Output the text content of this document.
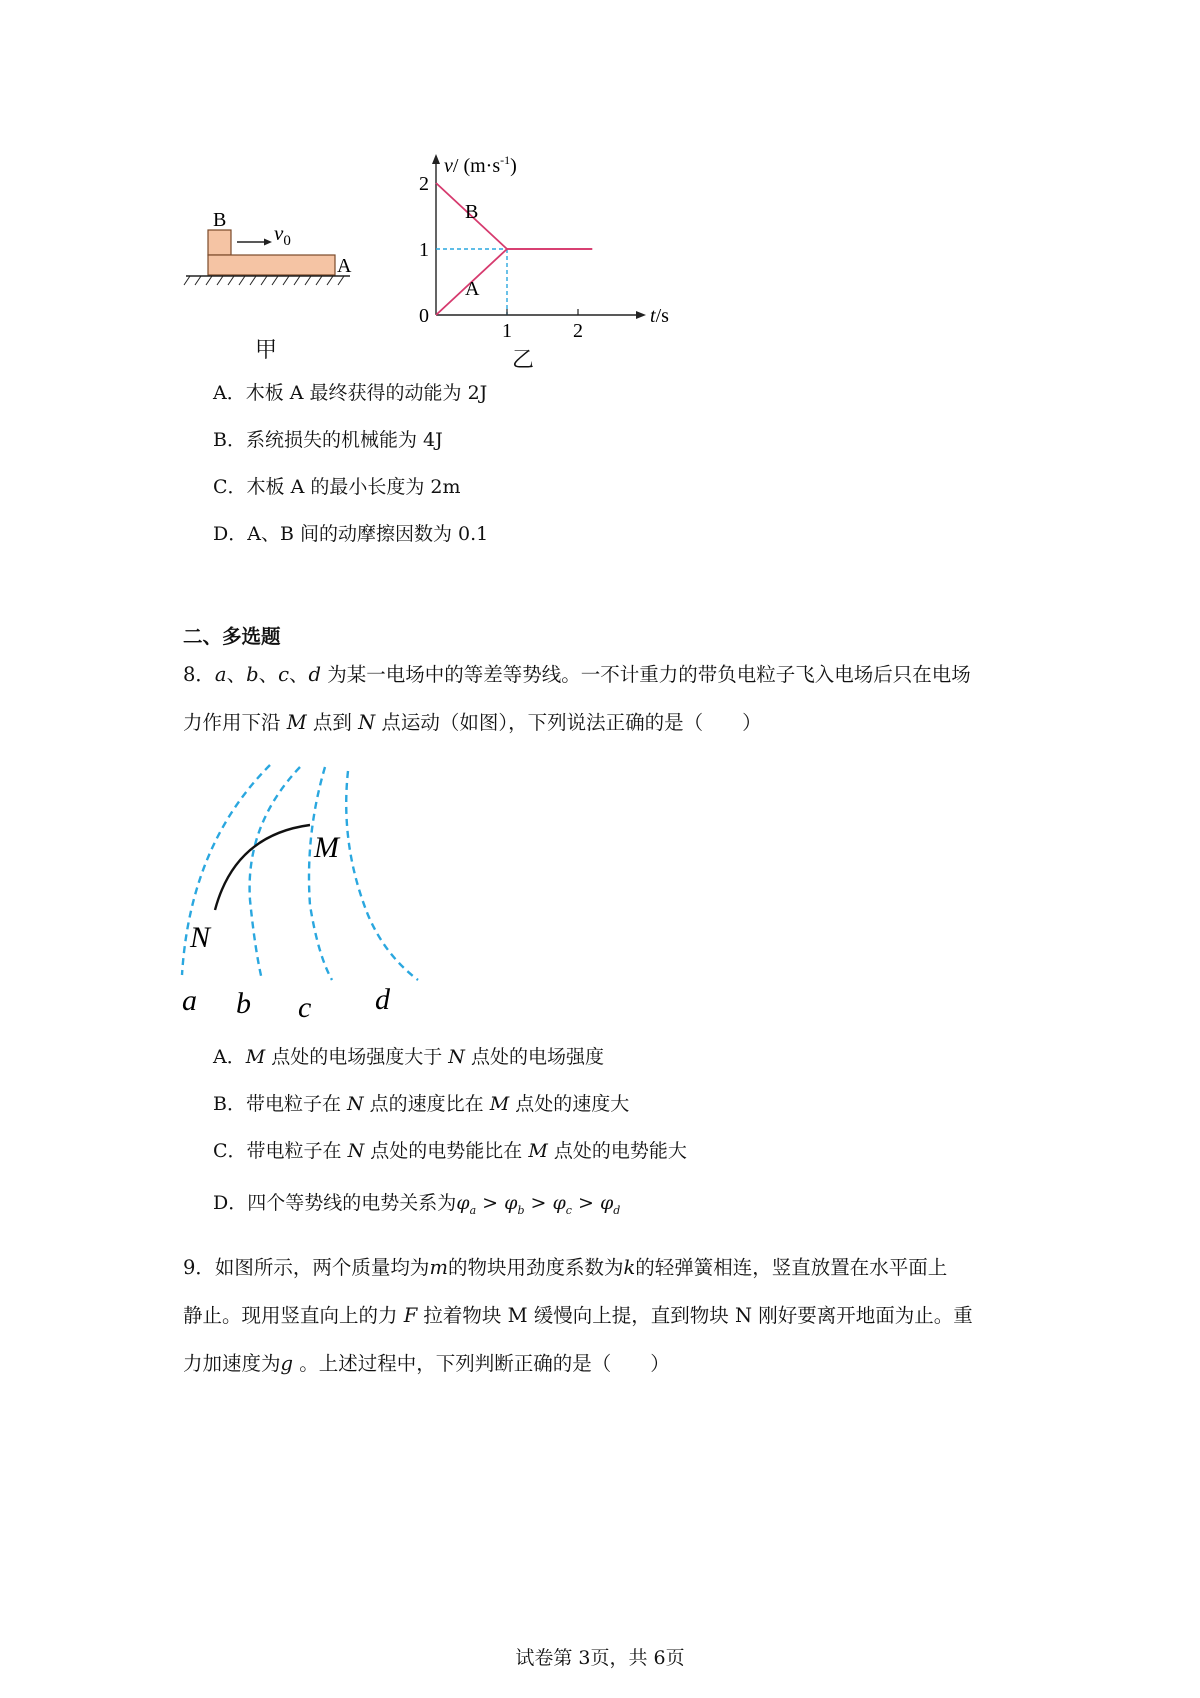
B
A
$v_0$
甲
1	2
2
1
0
v/ $(m\cdot s^{-1})$
t/s
B
A
乙
A．木板 A 最终获得的动能为 2J
B．系统损失的机械能为 4J
C．木板 A 的最小长度为 2m
D．A、B 间的动摩擦因数为 0.1
二、多选题
8．a、b、c、d 为某一电场中的等差等势线。一不计重力的带负电粒子飞入电场后只在电场
力作用下沿 M 点到 N 点运动（如图），下列说法正确的是（　　）
M
N
a b c d
A．M 点处的电场强度大于 N 点处的电场强度
B．带电粒子在 N 点的速度比在 M 点处的速度大
C．带电粒子在 N 点处的电势能比在 M 点处的电势能大
D．四个等势线的电势关系为$\varphi_a > \varphi_b > \varphi_c > \varphi_d$
9．如图所示，两个质量均为m的物块用劲度系数为k的轻弹簧相连，竖直放置在水平面上
静止。现用竖直向上的力 F 拉着物块 M 缓慢向上提，直到物块 N 刚好要离开地面为止。重
力加速度为g 。上述过程中，下列判断正确的是（　　）
试卷第 3页，共 6页
